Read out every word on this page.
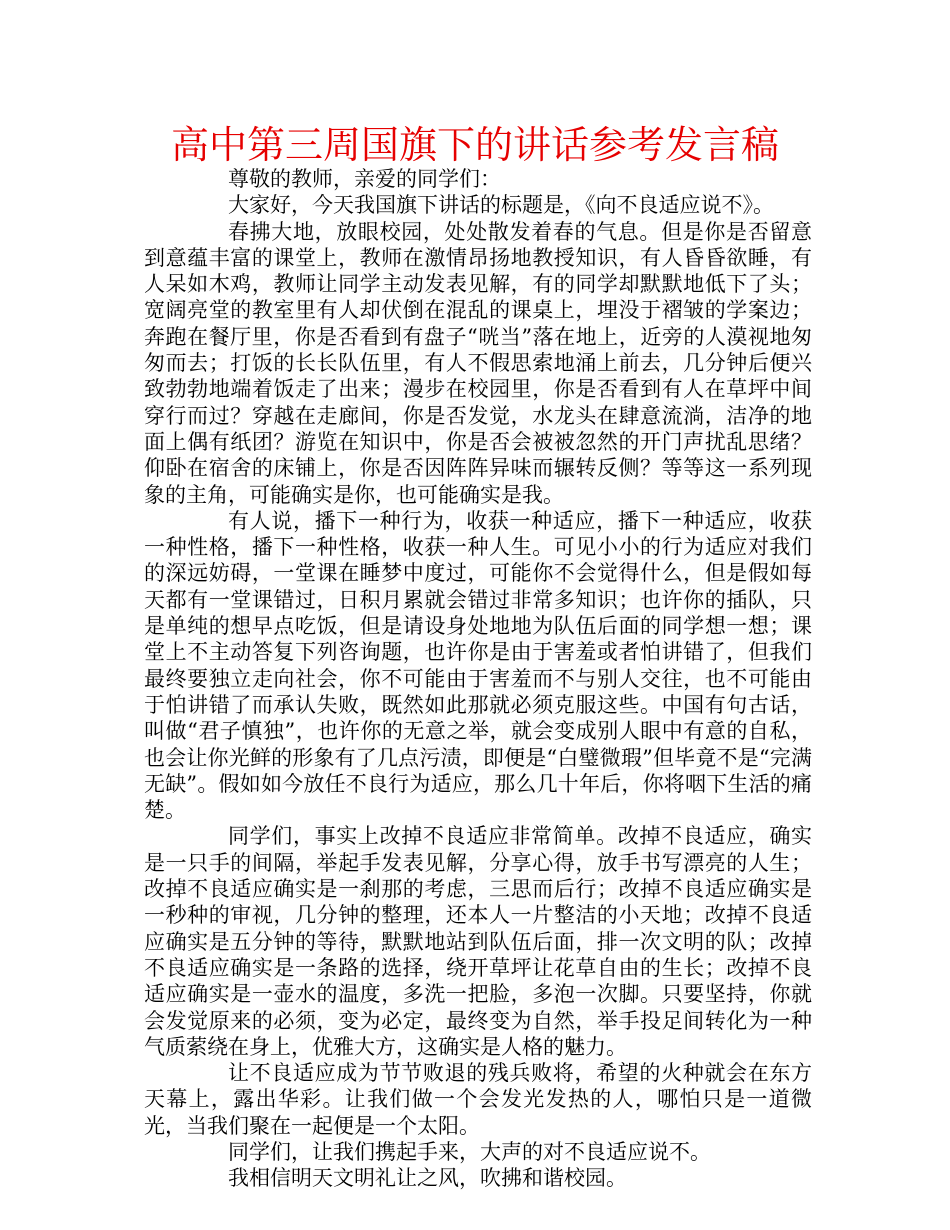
高中第三周国旗下的讲话参考发言稿

尊敬的教师，亲爱的同学们：

大家好，今天我国旗下讲话的标题是，《向不良适应说不》。

春拂大地，放眼校园，处处散发着春的气息。但是你是否留意到意蕴丰富的课堂上，教师在激情昂扬地教授知识，有人昏昏欲睡，有人呆如木鸡，教师让同学主动发表见解，有的同学却默默地低下了头；宽阔亮堂的教室里有人却伏倒在混乱的课桌上，埋没于褶皱的学案边；奔跑在餐厅里，你是否看到有盘子“咣当”落在地上，近旁的人漠视地匆匆而去；打饭的长长队伍里，有人不假思索地涌上前去，几分钟后便兴致勃勃地端着饭走了出来；漫步在校园里，你是否看到有人在草坪中间穿行而过？穿越在走廊间，你是否发觉，水龙头在肆意流淌，洁净的地面上偶有纸团？游览在知识中，你是否会被被忽然的开门声扰乱思绪？仰卧在宿舍的床铺上，你是否因阵阵异味而辗转反侧？等等这一系列现象的主角，可能确实是你，也可能确实是我。

有人说，播下一种行为，收获一种适应，播下一种适应，收获一种性格，播下一种性格，收获一种人生。可见小小的行为适应对我们的深远妨碍，一堂课在睡梦中度过，可能你不会觉得什么，但是假如每天都有一堂课错过，日积月累就会错过非常多知识；也许你的插队，只是单纯的想早点吃饭，但是请设身处地地为队伍后面的同学想一想；课堂上不主动答复下列咨询题，也许你是由于害羞或者怕讲错了，但我们最终要独立走向社会，你不可能由于害羞而不与别人交往，也不可能由于怕讲错了而承认失败，既然如此那就必须克服这些。中国有句古话，叫做“君子慎独”，也许你的无意之举，就会变成别人眼中有意的自私，也会让你光鲜的形象有了几点污渍，即便是“白璧微瑕”但毕竟不是“完满无缺”。假如如今放任不良行为适应，那么几十年后，你将咽下生活的痛楚。

同学们，事实上改掉不良适应非常简单。改掉不良适应，确实是一只手的间隔，举起手发表见解，分享心得，放手书写漂亮的人生；改掉不良适应确实是一刹那的考虑，三思而后行；改掉不良适应确实是一秒种的审视，几分钟的整理，还本人一片整洁的小天地；改掉不良适应确实是五分钟的等待，默默地站到队伍后面，排一次文明的队；改掉不良适应确实是一条路的选择，绕开草坪让花草自由的生长；改掉不良适应确实是一壶水的温度，多洗一把脸，多泡一次脚。只要坚持，你就会发觉原来的必须，变为必定，最终变为自然，举手投足间转化为一种气质萦绕在身上，优雅大方，这确实是人格的魅力。

让不良适应成为节节败退的残兵败将，希望的火种就会在东方天幕上，露出华彩。让我们做一个会发光发热的人，哪怕只是一道微光，当我们聚在一起便是一个太阳。

同学们，让我们携起手来，大声的对不良适应说不。

我相信明天文明礼让之风，吹拂和谐校园。
